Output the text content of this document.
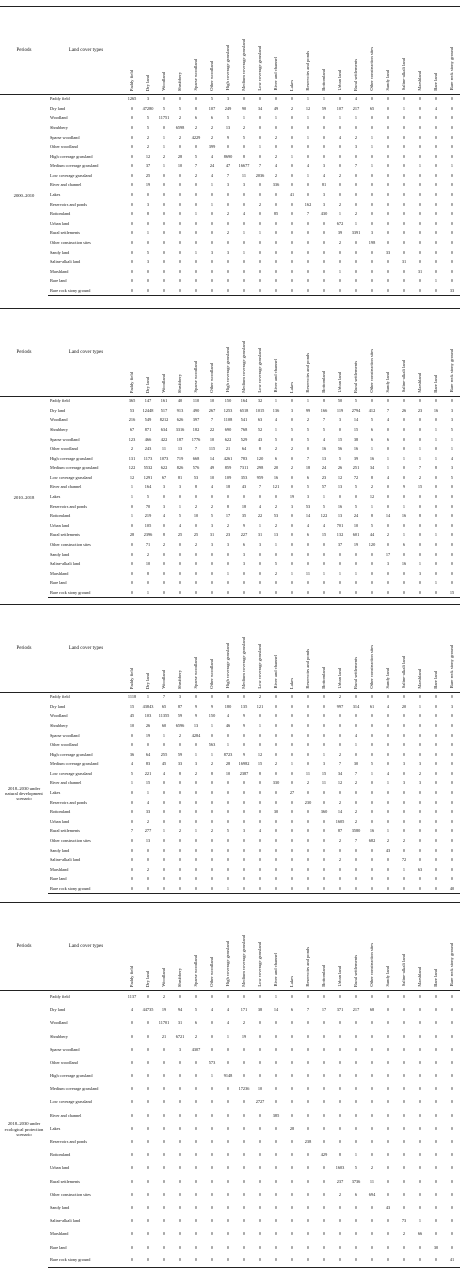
Periods	Land cover types	Paddy field	Dry land	Woodland	Shrubbery	Sparse woodland	Other woodland	High coverage grassland	Medium coverage grassland	Low coverage grassland	River and channel	Lakes	Reservoirs and ponds	Bottomland	Urban land	Rural settlements	Other construction sites	Sandy land	Saline-alkali land	Marshland	Bare land	Bare rock stony ground
2000–2010	Paddy field	1265	3	0	0	0	5	3	0	0	0	0	1	1	0	4	0	0	0	0	0	0
	Dry land	0	47280	5	5	8	107	249	90	34	49	2	12	59	107	217	65	0	1	0	4	0
	Woodland	0	5	11751	2	6	6	5	1	0	1	0	1	0	1	1	0	0	0	0	0	0
	Shrubbery	0	5	0	6598	2	2	13	2	0	0	0	0	0	0	0	0	0	0	0	0	0
	Sparse woodland	0	2	1	2	4229	2	9	5	0	2	0	1	0	4	2	1	0	0	0	0	0
	Other woodland	0	2	1	0	0	399	0	0	1	0	0	0	0	0	3	1	0	0	0	0	0
	High coverage grassland	0	12	2	28	5	4	8690	8	0	2	1	0	0	0	0	0	0	0	0	0	0
	Medium coverage grassland	0	37	1	10	7	24	47	16677	7	4	0	4	3	0	7	1	0	0	1	0	1
	Low coverage grassland	0	25	0	0	2	4	7	11	2036	2	0	1	4	2	0	0	0	0	0	0	0
	River and channel	0	19	0	0	0	1	3	3	0	336	0	0	81	0	0	0	0	0	0	0	0
	Lakes	0	0	0	0	0	0	0	0	0	0	41	0	3	0	0	0	0	0	0	0	0
	Reservoirs and ponds	0	3	0	0	0	1	0	0	2	0	0	162	3	2	0	0	0	0	0	0	0
	Bottomland	0	8	0	0	1	0	2	4	0	85	0	7	430	1	2	0	0	0	0	0	0
	Urban land	0	0	0	0	0	0	0	0	0	0	0	0	0	672	1	0	0	0	0	0	0
	Rural settlements	0	1	0	0	0	0	2	1	1	0	0	0	0	39	3391	3	0	0	0	0	0
	Other construction sites	0	0	0	0	0	0	0	0	0	0	0	0	0	2	0	198	0	0	0	0	0
	Sandy land	0	5	0	0	1	3	3	1	0	0	0	0	0	0	0	0	33	0	0	0	0
	Saline-alkali land	0	3	0	0	0	0	0	0	0	0	0	0	0	0	0	0	0	31	0	0	0
	Marshland	0	0	0	0	0	0	0	0	0	0	0	0	0	1	0	0	0	0	31	0	0
	Bare land	0	0	0	0	0	0	0	0	0	0	0	0	0	0	0	0	0	0	0	1	0
	Bare rock stony ground	0	0	0	0	0	0	0	0	0	0	0	0	0	0	0	0	0	0	0	0	33
Periods	Land cover types	Paddy field	Dry land	Woodland	Shrubbery	Sparse woodland	Other woodland	High coverage grassland	Medium coverage grassland	Low coverage grassland	River and channel	Lakes	Reservoirs and ponds	Bottomland	Urban land	Rural settlements	Other construction sites	Sandy land	Saline-alkali land	Marshland	Bare land	Bare rock stony ground
2010–2018	Paddy field	365	147	161	40	110	10	150	164	32	1	0	1	8	50	5	0	0	0	0	0	0
	Dry land	53	12448	517	913	490	267	1253	6518	1015	136	3	99	166	119	2794	412	7	26	23	16	3
	Woodland	216	549	8212	626	397	7	1108	541	63	4	0	2	7	3	14	5	4	0	0	0	3
	Shrubbery	67	871	634	3316	182	22	690	768	52	1	5	5	5	0	15	6	0	0	0	1	5
	Sparse woodland	123	466	422	187	1776	10	622	529	43	5	0	5	4	15	38	6	6	0	0	1	1
	Other woodland	2	243	11	13	7	115	21	64	8	2	2	0	16	56	16	1	0	0	1	0	1
	High coverage grassland	131	1173	1073	719	668	14	4261	783	120	6	0	7	13	5	39	16	1	1	1	1	4
	Medium coverage grassland	122	5532	622	826	576	49	859	7311	298	20	2	18	24	26	251	34	1	0	7	8	3
	Low coverage grassland	12	1291	67	81	53	10	109	353	959	16	0	6	23	12	72	8	4	0	2	0	5
	River and channel	1	164	3	3	8	4	18	43	7	121	0	5	57	13	5	2	0	9	15	0	0
	Lakes	1	5	0	0	0	0	0	0	0	0	19	3	1	0	0	12	0	0	0	0	0
	Reservoirs and ponds	0	70	3	1	2	2	8	18	4	2	3	53	5	16	5	1	0	1	0	0	0
	Bottomland	1	219	4	5	10	5	17	35	22	53	0	14	122	13	24	8	14	16	8	0	0
	Urban land	0	105	0	4	0	3	2	9	1	2	0	4	4	701	10	5	0	0	0	0	0
	Rural settlements	28	2396	8	25	25	31	23	227	31	13	0	6	15	132	601	44	2	1	0	1	0
	Other construction sites	0	71	2	0	2	3	3	6	3	1	0	0	0	37	19	120	0	6	0	0	0
	Sandy land	0	2	0	0	0	0	0	3	0	0	0	0	0	0	0	0	17	0	0	0	0
	Saline-alkali land	0	10	0	0	0	0	0	3	0	5	0	0	0	0	0	0	3	16	1	0	0
	Marshland	0	8	0	0	0	0	1	0	0	2	1	11	1	1	1	0	0	0	3	0	0
	Bare land	0	0	0	0	0	0	0	0	0	0	0	0	0	0	0	0	0	0	0	1	0
	Bare rock stony ground	0	1	0	0	0	0	0	0	0	0	0	0	0	0	0	0	0	0	0	0	15
Periods	Land cover types	Paddy field	Dry land	Woodland	Shrubbery	Sparse woodland	Other woodland	High coverage grassland	Medium coverage grassland	Low coverage grassland	River and channel	Lakes	Reservoirs and ponds	Bottomland	Urban land	Rural settlements	Other construction sites	Sandy land	Saline-alkali land	Marshland	Bare land	Bare rock stony ground
2018–2030 under natural development scenario	Paddy field	1118	1	7	3	0	0	8	0	2	0	0	0	0	2	0	0	0	0	0	0	0
	Dry land	15	43843	65	87	9	9	180	135	121	0	0	0	0	997	314	61	4	20	1	0	3
	Woodland	45	103	11355	59	9	150	4	9	0	0	0	0	0	0	0	0	0	0	0	0	0
	Shrubbery	10	26	60	6596	13	1	46	9	1	0	0	0	0	0	0	0	0	0	0	0	0
	Sparse woodland	0	19	1	2	4284	0	0	0	0	0	0	0	0	0	4	0	0	0	0	0	0
	Other woodland	0	0	0	0	0	563	1	0	0	0	0	0	0	0	1	0	0	0	0	0	0
	High coverage grassland	36	64	255	59	1	1	8723	9	12	0	0	0	1	2	0	0	0	0	0	0	0
	Medium coverage grassland	4	83	45	33	3	2	28	16982	15	2	1	0	3	7	30	5	0	3	3	0	0
	Low coverage grassland	5	221	4	8	2	8	10	2387	8	0	0	11	15	34	7	1	4	0	2	0	0
	River and channel	1	15	0	0	0	0	0	0	0	330	0	2	11	12	2	0	1	3	3	0	0
	Lakes	0	1	0	0	0	0	0	0	0	0	27	0	0	0	0	0	0	0	0	0	0
	Reservoirs and ponds	0	4	0	0	0	0	0	0	0	0	0	230	0	2	0	0	0	0	0	0	0
	Bottomland	0	33	0	0	0	0	0	0	0	30	0	0	360	14	2	0	0	0	0	0	0
	Urban land	0	2	0	0	0	0	0	0	0	0	0	0	0	1605	2	0	0	0	0	0	0
	Rural settlements	7	277	1	2	1	2	5	3	4	0	0	0	0	87	3580	16	1	0	0	0	0
	Other construction sites	0	13	0	0	0	0	0	0	0	0	0	0	0	2	7	682	2	2	0	0	0
	Sandy land	0	0	0	0	0	0	0	0	0	0	0	0	0	0	0	0	43	0	0	0	0
	Saline-alkali land	0	0	0	0	0	0	0	0	0	0	0	0	0	2	0	0	0	72	0	0	0
	Marshland	0	2	0	0	0	0	0	0	0	0	0	0	0	0	0	0	0	1	63	0	0
	Bare land	0	0	0	0	0	0	0	0	0	0	0	0	0	0	0	0	0	0	0	0	0
	Bare rock stony ground	0	0	0	0	0	0	1	0	0	0	0	0	0	0	0	0	0	0	0	0	40
Periods	Land cover types	Paddy field	Dry land	Woodland	Shrubbery	Sparse woodland	Other woodland	High coverage grassland	Medium coverage grassland	Low coverage grassland	River and channel	Lakes	Reservoirs and ponds	Bottomland	Urban land	Rural settlements	Other construction sites	Sandy land	Saline-alkali land	Marshland	Bare land	Bare rock stony ground
2018–2030 under ecological protection scenario	Paddy field	1137	0	2	0	0	0	0	0	0	1	0	0	0	0	0	0	0	0	0	0	0
	Dry land	4	44735	19	94	5	4	4	171	38	14	6	7	17	371	217	68	0	0	0	0	0
	Woodland	0	0	11701	31	6	0	4	2	0	0	0	0	0	0	0	0	0	0	0	0	0
	Shrubbery	0	0	21	6721	2	0	1	19	0	0	0	0	0	0	0	0	0	0	0	0	0
	Sparse woodland	0	0	0	3	4307	0	0	0	0	0	0	0	0	0	0	0	0	0	0	0	0
	Other woodland	0	0	0	0	0	573	0	0	0	0	0	0	0	0	0	0	0	0	0	0	0
	High coverage grassland	0	0	0	0	0	1	9148	0	0	0	0	0	0	0	0	0	0	0	0	0	0
	Medium coverage grassland	0	0	0	0	0	0	0	17236	10	0	0	0	0	0	0	0	0	0	0	0	0
	Low coverage grassland	0	0	0	0	0	0	0	0	2727	0	0	0	0	0	0	0	0	0	0	0	0
	River and channel	0	0	0	0	0	0	0	0	0	385	0	0	0	0	0	0	0	0	0	0	0
	Lakes	0	0	0	0	0	0	0	0	0	0	28	0	0	0	0	0	0	0	0	0	0
	Reservoirs and ponds	0	0	0	0	0	0	0	0	0	0	0	238	0	0	0	0	0	0	0	0	0
	Bottomland	0	0	0	0	0	0	0	0	0	0	0	0	429	8	1	0	0	0	0	0	0
	Urban land	0	0	0	0	0	0	0	0	0	0	0	0	0	1603	5	2	0	0	0	0	0
	Rural settlements	0	0	0	0	0	0	0	0	0	0	0	0	0	237	3736	11	0	0	0	0	0
	Other construction sites	0	0	0	0	0	0	0	0	0	0	0	0	0	2	6	694	0	0	0	0	0
	Sandy land	0	0	0	0	0	0	0	0	0	0	0	0	0	0	0	0	43	0	0	0	0
	Saline-alkali land	0	0	0	0	0	0	0	0	0	0	0	0	0	0	0	0	0	73	1	0	0
	Marshland	0	0	0	0	0	0	0	0	0	0	0	0	0	0	0	0	0	2	66	0	0
	Bare land	0	0	0	0	0	0	0	0	0	0	0	0	0	0	0	0	0	0	0	30	0
	Bare rock stony ground	0	0	0	0	0	0	0	0	0	0	0	0	0	0	0	0	0	0	0	0	41
